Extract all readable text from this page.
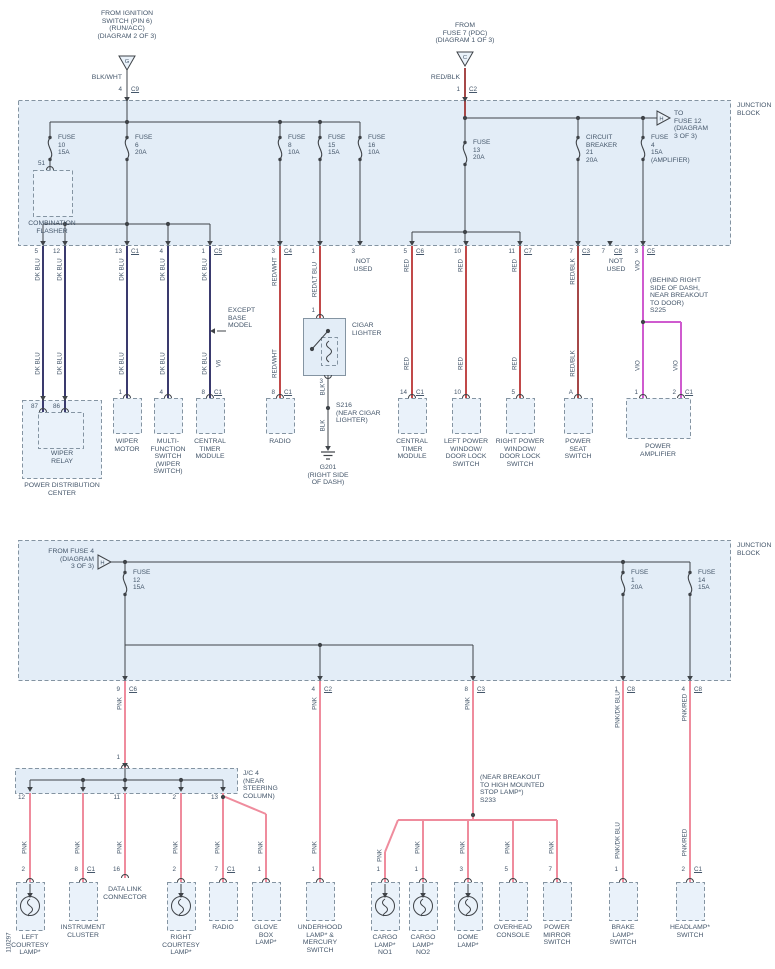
G
C
H
H
FUSE
10
15A
FUSE
6
20A
FUSE
8
10A
FUSE
15
15A
FUSE
16
10A
FUSE
13
20A
CIRCUIT
BREAKER
21
20A
FUSE
4
15A
(AMPLIFIER)
FUSE
12
15A
FUSE
1
20A
FUSE
14
15A
4 C9	1 C2
51
5	12	13 C1	4	1 C5	3 C4	1	3	5 C6	10	11 C7	7 C3	7 C8	3 C5
87	86
1	4	8 C1	8 C1	14 C1	10	5	A	1	2 C1
1
3
9 C6	4 C2	8 C3	1 C8	4 C8
1
12	11	2	13
2	8 C1	16	2	7 C1	1	1	1	1	3	5	7	1	2 C1
DK BLU DK BLU	DK BLU	DK BLU	DK BLU	RED/WHT	RED/LT BLU	RED	RED	RED	RED/BLK	VIO
DK BLU DK BLU	DK BLU	DK BLU	DK BLU V6	RED/WHT	RED	RED	RED	RED/BLK	VIO	VIO
BLK
BLK
PNK	PNK	PNK	PNK/DK BLU	PNK/RED
PNK	PNK/DK BLU	PNK/RED
PNK	PNK	PNK	PNK	PNK	PNK
PNK
PNK	PNK	PNK	PNK
110297
FROM IGNITION
SWITCH (PIN 6)
(RUN/ACC)
(DIAGRAM 2 OF 3)
FROM
FUSE 7 (PDC)
(DIAGRAM 1 OF 3)
BLK/WHT	RED/BLK
JUNCTION
BLOCK
TO
FUSE 12
(DIAGRAM
3 OF 3)
COMBINATION
FLASHER
NOT
USED
NOT
USED
EXCEPT
BASE
MODEL
(BEHIND RIGHT
SIDE OF DASH,
NEAR BREAKOUT
TO DOOR)
S225
S216
(NEAR CIGAR
LIGHTER)
G201
(RIGHT SIDE
OF DASH)
CIGAR
LIGHTER
WIPER
RELAY
POWER DISTRIBUTION
CENTER
WIPER
MOTOR
MULTI-
FUNCTION
SWITCH
(WIPER
SWITCH)
CENTRAL
TIMER
MODULE
RADIO	CENTRAL
TIMER
MODULE
LEFT POWER
WINDOW/
DOOR LOCK
SWITCH
RIGHT POWER
WINDOW/
DOOR LOCK
SWITCH
POWER
SEAT
SWITCH
POWER
AMPLIFIER
FROM FUSE 4
(DIAGRAM
3 OF 3)
JUNCTION
BLOCK
J/C 4
(NEAR
STEERING
COLUMN)
(NEAR BREAKOUT
TO HIGH MOUNTED
STOP LAMP*)
S233
LEFT
COURTESY
LAMP*
INSTRUMENT
CLUSTER
DATA LINK
CONNECTOR
RIGHT
COURTESY
LAMP*
RADIO	GLOVE
BOX
LAMP*
UNDERHOOD
LAMP* &
MERCURY
SWITCH
CARGO
LAMP*
NO1
CARGO
LAMP*
NO2
DOME
LAMP*
OVERHEAD
CONSOLE
POWER
MIRROR
SWITCH
BRAKE
LAMP*
SWITCH
HEADLAMP*
SWITCH
